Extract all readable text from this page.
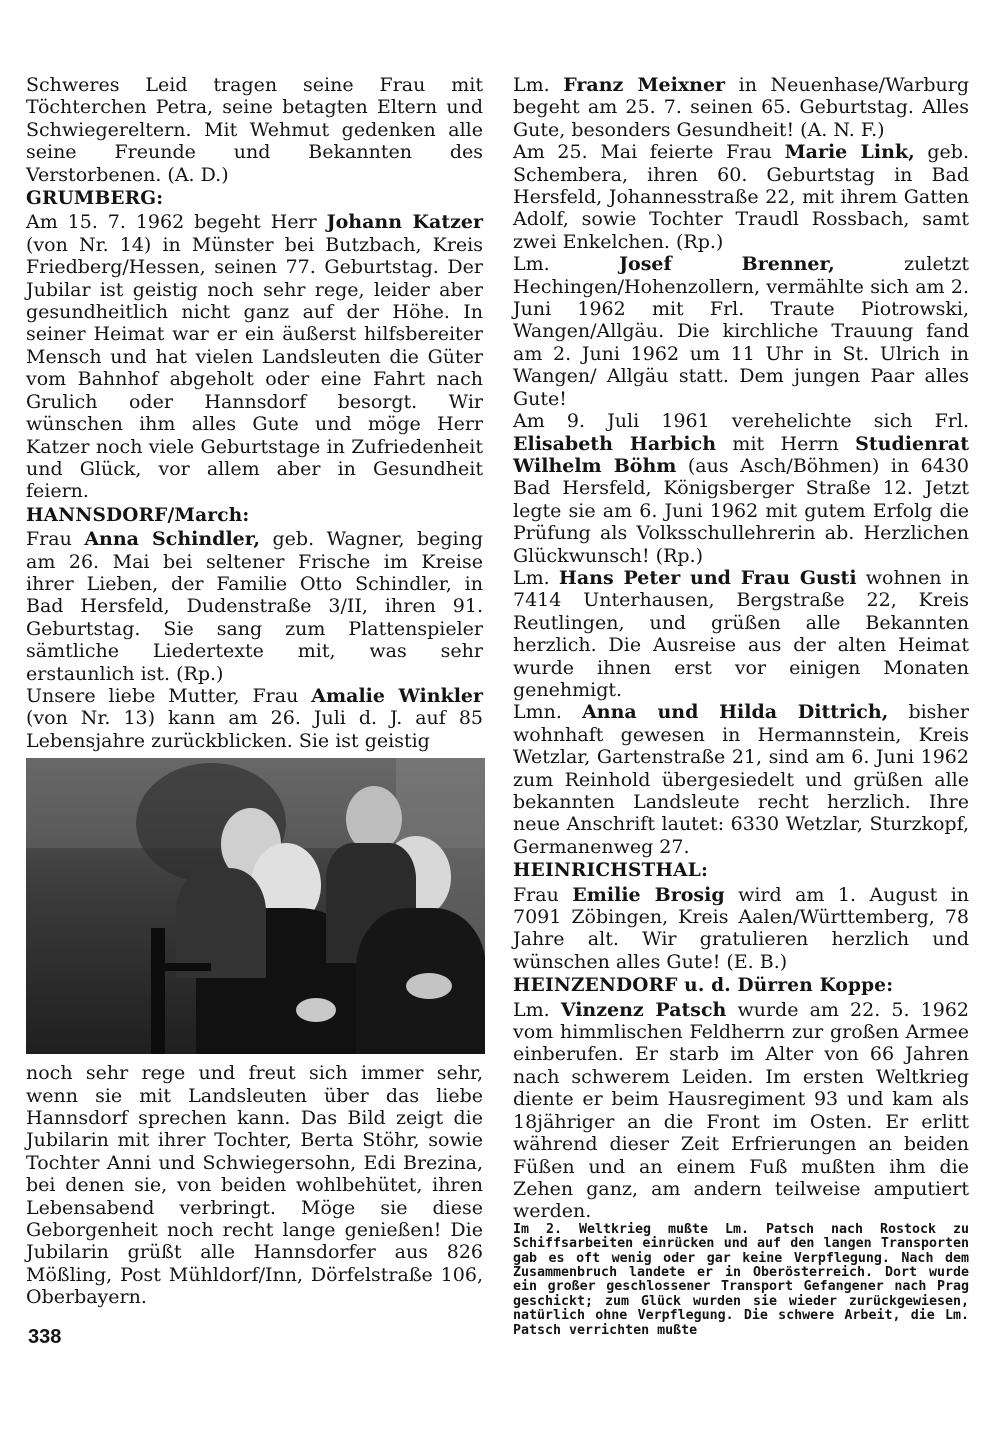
Schweres Leid tragen seine Frau mit Töchterchen Petra, seine betagten Eltern und Schwiegereltern. Mit Wehmut gedenken alle seine Freunde und Bekannten des Verstorbenen. (A. D.)

GRUMBERG:

Am 15. 7. 1962 begeht Herr Johann Katzer (von Nr. 14) in Münster bei Butzbach, Kreis Friedberg/Hessen, seinen 77. Geburtstag. Der Jubilar ist geistig noch sehr rege, leider aber gesundheitlich nicht ganz auf der Höhe. In seiner Heimat war er ein äußerst hilfsbereiter Mensch und hat vielen Landsleuten die Güter vom Bahnhof abgeholt oder eine Fahrt nach Grulich oder Hannsdorf besorgt. Wir wünschen ihm alles Gute und möge Herr Katzer noch viele Geburtstage in Zufriedenheit und Glück, vor allem aber in Gesundheit feiern.

HANNSDORF/March:

Frau Anna Schindler, geb. Wagner, beging am 26. Mai bei seltener Frische im Kreise ihrer Lieben, der Familie Otto Schindler, in Bad Hersfeld, Dudenstraße 3/II, ihren 91. Geburtstag. Sie sang zum Plattenspieler sämtliche Liedertexte mit, was sehr erstaunlich ist. (Rp.)

Unsere liebe Mutter, Frau Amalie Winkler (von Nr. 13) kann am 26. Juli d. J. auf 85 Lebensjahre zurückblicken. Sie ist geistig

noch sehr rege und freut sich immer sehr, wenn sie mit Landsleuten über das liebe Hannsdorf sprechen kann. Das Bild zeigt die Jubilarin mit ihrer Tochter, Berta Stöhr, sowie Tochter Anni und Schwiegersohn, Edi Brezina, bei denen sie, von beiden wohlbehütet, ihren Lebensabend verbringt. Möge sie diese Geborgenheit noch recht lange genießen! Die Jubilarin grüßt alle Hannsdorfer aus 826 Mößling, Post Mühldorf/Inn, Dörfelstraße 106, Oberbayern.

Lm. Franz Meixner in Neuenhase/Warburg begeht am 25. 7. seinen 65. Geburtstag. Alles Gute, besonders Gesundheit! (A. N. F.)

Am 25. Mai feierte Frau Marie Link, geb. Schembera, ihren 60. Geburtstag in Bad Hersfeld, Johannesstraße 22, mit ihrem Gatten Adolf, sowie Tochter Traudl Rossbach, samt zwei Enkelchen. (Rp.)

Lm. Josef Brenner, zuletzt Hechingen/Hohenzollern, vermählte sich am 2. Juni 1962 mit Frl. Traute Piotrowski, Wangen/Allgäu. Die kirchliche Trauung fand am 2. Juni 1962 um 11 Uhr in St. Ulrich in Wangen/ Allgäu statt. Dem jungen Paar alles Gute!

Am 9. Juli 1961 verehelichte sich Frl. Elisabeth Harbich mit Herrn Studienrat Wilhelm Böhm (aus Asch/Böhmen) in 6430 Bad Hersfeld, Königsberger Straße 12. Jetzt legte sie am 6. Juni 1962 mit gutem Erfolg die Prüfung als Volksschullehrerin ab. Herzlichen Glückwunsch! (Rp.)

Lm. Hans Peter und Frau Gusti wohnen in 7414 Unterhausen, Bergstraße 22, Kreis Reutlingen, und grüßen alle Bekannten herzlich. Die Ausreise aus der alten Heimat wurde ihnen erst vor einigen Monaten genehmigt.

Lmn. Anna und Hilda Dittrich, bisher wohnhaft gewesen in Hermannstein, Kreis Wetzlar, Gartenstraße 21, sind am 6. Juni 1962 zum Reinhold übergesiedelt und grüßen alle bekannten Landsleute recht herzlich. Ihre neue Anschrift lautet: 6330 Wetzlar, Sturzkopf, Germanenweg 27.

HEINRICHSTHAL:

Frau Emilie Brosig wird am 1. August in 7091 Zöbingen, Kreis Aalen/Württemberg, 78 Jahre alt. Wir gratulieren herzlich und wünschen alles Gute! (E. B.)

HEINZENDORF u. d. Dürren Koppe:

Lm. Vinzenz Patsch wurde am 22. 5. 1962 vom himmlischen Feldherrn zur großen Armee einberufen. Er starb im Alter von 66 Jahren nach schwerem Leiden. Im ersten Weltkrieg diente er beim Hausregiment 93 und kam als 18jähriger an die Front im Osten. Er erlitt während dieser Zeit Erfrierungen an beiden Füßen und an einem Fuß mußten ihm die Zehen ganz, am andern teilweise amputiert werden.

Im 2. Weltkrieg mußte Lm. Patsch nach Rostock zu Schiffsarbeiten einrücken und auf den langen Transporten gab es oft wenig oder gar keine Verpflegung. Nach dem Zusammenbruch landete er in Oberösterreich. Dort wurde ein großer geschlossener Transport Gefangener nach Prag geschickt; zum Glück wurden sie wieder zurückgewiesen, natürlich ohne Verpflegung. Die schwere Arbeit, die Lm. Patsch verrichten mußte

338
